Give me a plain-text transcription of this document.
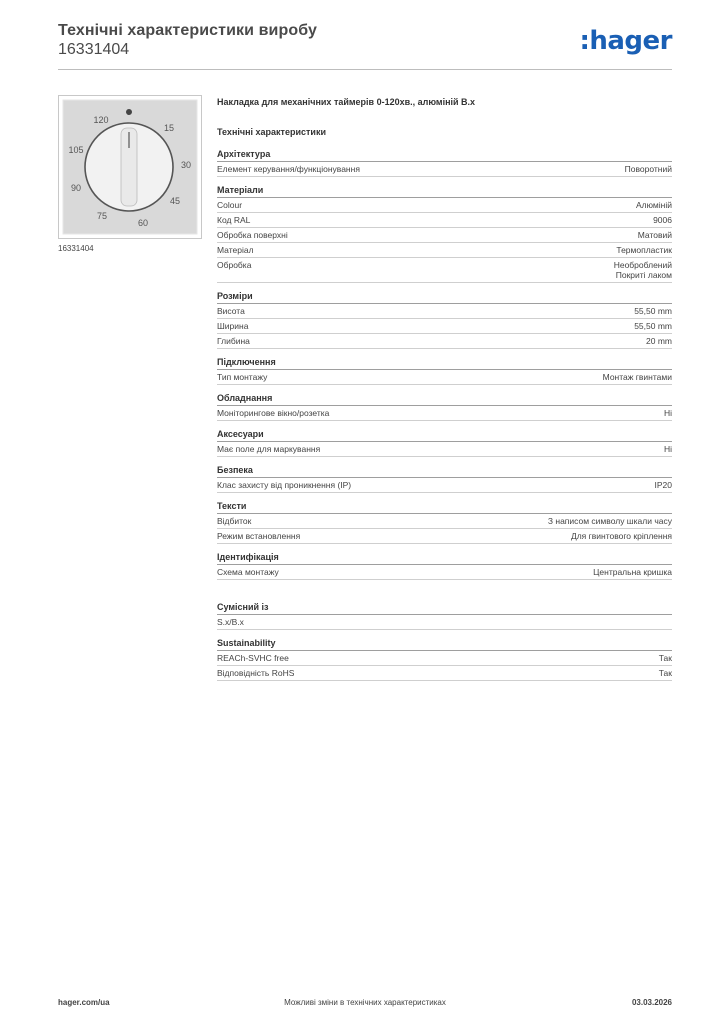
Технічні характеристики виробу
16331404	:hager
120
15
105
30
90
45
75
60
16331404
Накладка для механічних таймерів 0-120хв., алюміній В.х
Технічні характеристики
Архітектура
Елемент керування/функціонування	Поворотний
Матеріали
Colour	Алюміній
Код RAL	9006
Обробка поверхні	Матовий
Матеріал	Термопластик
Обробка	Необроблений
Покриті лаком
Розміри
Висота	55,50 mm
Ширина	55,50 mm
Глибина	20 mm
Підключення
Тип монтажу	Монтаж гвинтами
Обладнання
Моніторингове вікно/розетка	Ні
Аксесуари
Має поле для маркування	Ні
Безпека
Клас захисту від проникнення (IP)	IP20
Тексти
Відбиток	З написом символу шкали часу
Режим встановлення	Для гвинтового кріплення
Ідентифікація
Схема монтажу	Центральна кришка
Сумісний із
S.x/B.x
Sustainability
REACh-SVHC free	Так
Відповідність RoHS	Так
hager.com/ua	Можливі зміни в технічних характеристиках	03.03.2026
